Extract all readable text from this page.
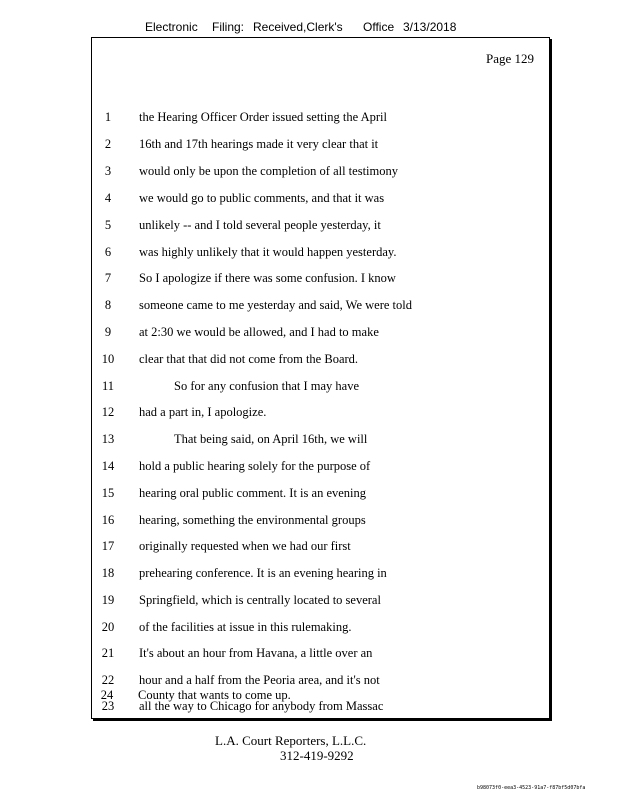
Electronic Filing: Received,Clerk's Office 3/13/2018
Page 129
1	the Hearing Officer Order issued setting the April
2	16th and 17th hearings made it very clear that it
3	would only be upon the completion of all testimony
4	we would go to public comments, and that it was
5	unlikely -- and I told several people yesterday, it
6	was highly unlikely that it would happen yesterday.
7	So I apologize if there was some confusion. I know
8	someone came to me yesterday and said, We were told
9	at 2:30 we would be allowed, and I had to make
10	clear that that did not come from the Board.
11	So for any confusion that I may have
12	had a part in, I apologize.
13	That being said, on April 16th, we will
14	hold a public hearing solely for the purpose of
15	hearing oral public comment. It is an evening
16	hearing, something the environmental groups
17	originally requested when we had our first
18	prehearing conference. It is an evening hearing in
19	Springfield, which is centrally located to several
20	of the facilities at issue in this rulemaking.
21	It's about an hour from Havana, a little over an
22	hour and a half from the Peoria area, and it's not
23	all the way to Chicago for anybody from Massac
24	County that wants to come up.
L.A. Court Reporters, L.L.C.
312-419-9292
b98073f0-eea3-4523-91a7-f87bf5d07bfa
